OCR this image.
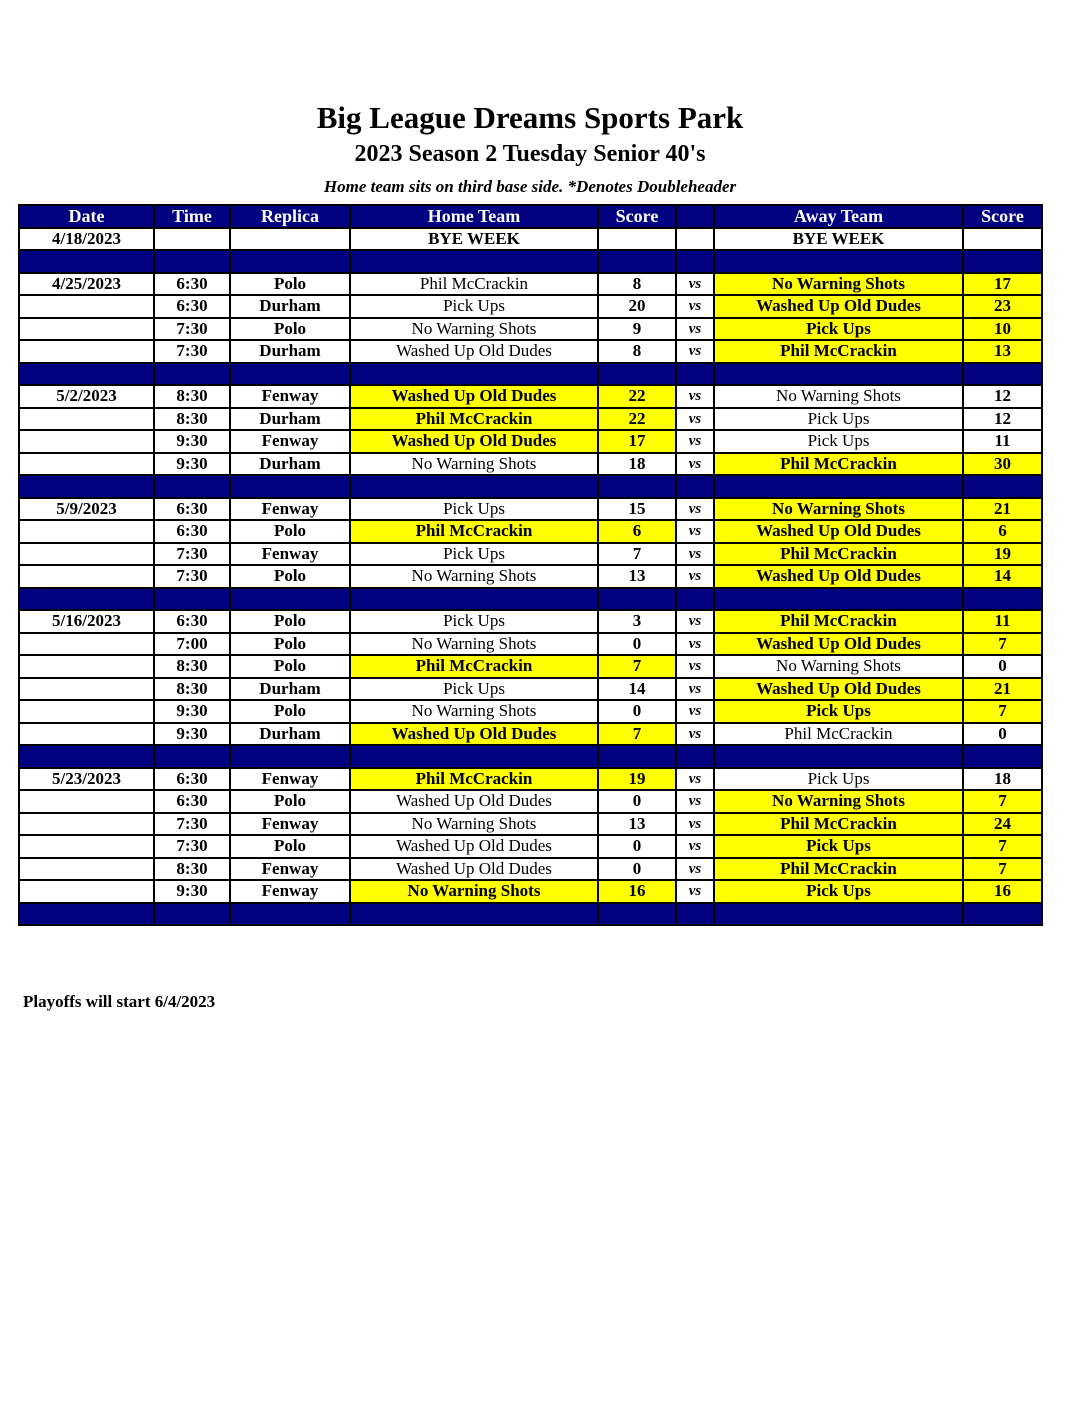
Big League Dreams Sports Park
2023 Season 2 Tuesday Senior 40's
Home team sits on third base side. *Denotes Doubleheader
Date	Time	Replica	Home Team	Score		Away Team	Score
4/18/2023			BYE WEEK			BYE WEEK	

4/25/2023	6:30	Polo	Phil McCrackin	8	vs	No Warning Shots	17
	6:30	Durham	Pick Ups	20	vs	Washed Up Old Dudes	23
	7:30	Polo	No Warning Shots	9	vs	Pick Ups	10
	7:30	Durham	Washed Up Old Dudes	8	vs	Phil McCrackin	13

5/2/2023	8:30	Fenway	Washed Up Old Dudes	22	vs	No Warning Shots	12
	8:30	Durham	Phil McCrackin	22	vs	Pick Ups	12
	9:30	Fenway	Washed Up Old Dudes	17	vs	Pick Ups	11
	9:30	Durham	No Warning Shots	18	vs	Phil McCrackin	30

5/9/2023	6:30	Fenway	Pick Ups	15	vs	No Warning Shots	21
	6:30	Polo	Phil McCrackin	6	vs	Washed Up Old Dudes	6
	7:30	Fenway	Pick Ups	7	vs	Phil McCrackin	19
	7:30	Polo	No Warning Shots	13	vs	Washed Up Old Dudes	14

5/16/2023	6:30	Polo	Pick Ups	3	vs	Phil McCrackin	11
	7:00	Polo	No Warning Shots	0	vs	Washed Up Old Dudes	7
	8:30	Polo	Phil McCrackin	7	vs	No Warning Shots	0
	8:30	Durham	Pick Ups	14	vs	Washed Up Old Dudes	21
	9:30	Polo	No Warning Shots	0	vs	Pick Ups	7
	9:30	Durham	Washed Up Old Dudes	7	vs	Phil McCrackin	0

5/23/2023	6:30	Fenway	Phil McCrackin	19	vs	Pick Ups	18
	6:30	Polo	Washed Up Old Dudes	0	vs	No Warning Shots	7
	7:30	Fenway	No Warning Shots	13	vs	Phil McCrackin	24
	7:30	Polo	Washed Up Old Dudes	0	vs	Pick Ups	7
	8:30	Fenway	Washed Up Old Dudes	0	vs	Phil McCrackin	7
	9:30	Fenway	No Warning Shots	16	vs	Pick Ups	16

Playoffs will start 6/4/2023
